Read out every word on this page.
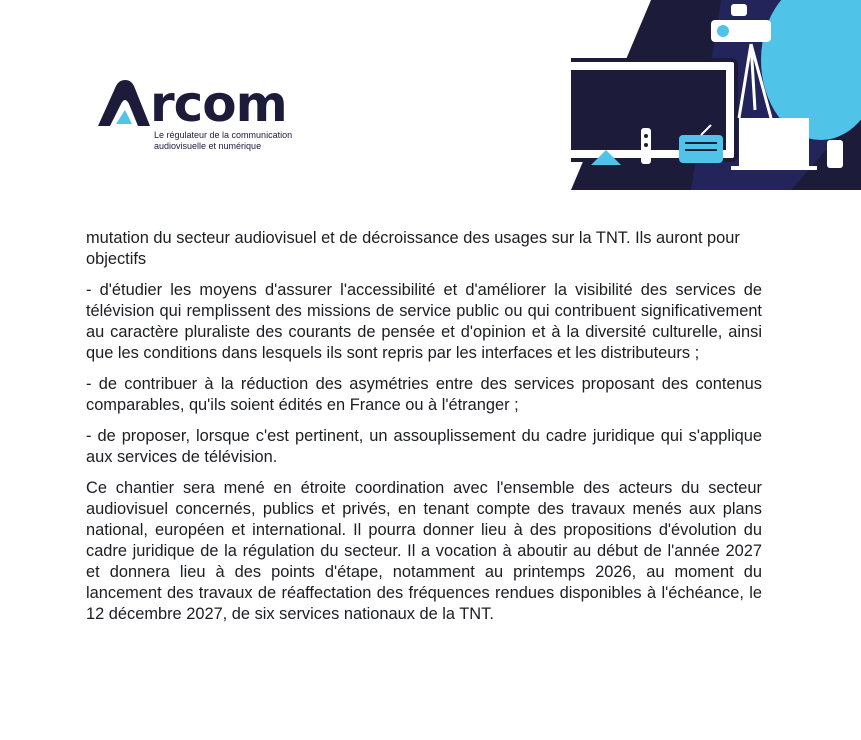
rcom
Le régulateur de la communication audiovisuelle et numérique

mutation du secteur audiovisuel et de décroissance des usages sur la TNT. Ils auront pour objectifs

- d'étudier les moyens d'assurer l'accessibilité et d'améliorer la visibilité des services de télévision qui remplissent des missions de service public ou qui contribuent significativement au caractère pluraliste des courants de pensée et d'opinion et à la diversité culturelle, ainsi que les conditions dans lesquels ils sont repris par les interfaces et les distributeurs ;

- de contribuer à la réduction des asymétries entre des services proposant des contenus comparables, qu'ils soient édités en France ou à l'étranger ;

- de proposer, lorsque c'est pertinent, un assouplissement du cadre juridique qui s'applique aux services de télévision.

Ce chantier sera mené en étroite coordination avec l'ensemble des acteurs du secteur audiovisuel concernés, publics et privés, en tenant compte des travaux menés aux plans national, européen et international. Il pourra donner lieu à des propositions d'évolution du cadre juridique de la régulation du secteur. Il a vocation à aboutir au début de l'année 2027 et donnera lieu à des points d'étape, notamment au printemps 2026, au moment du lancement des travaux de réaffectation des fréquences rendues disponibles à l'échéance, le 12 décembre 2027, de six services nationaux de la TNT.
